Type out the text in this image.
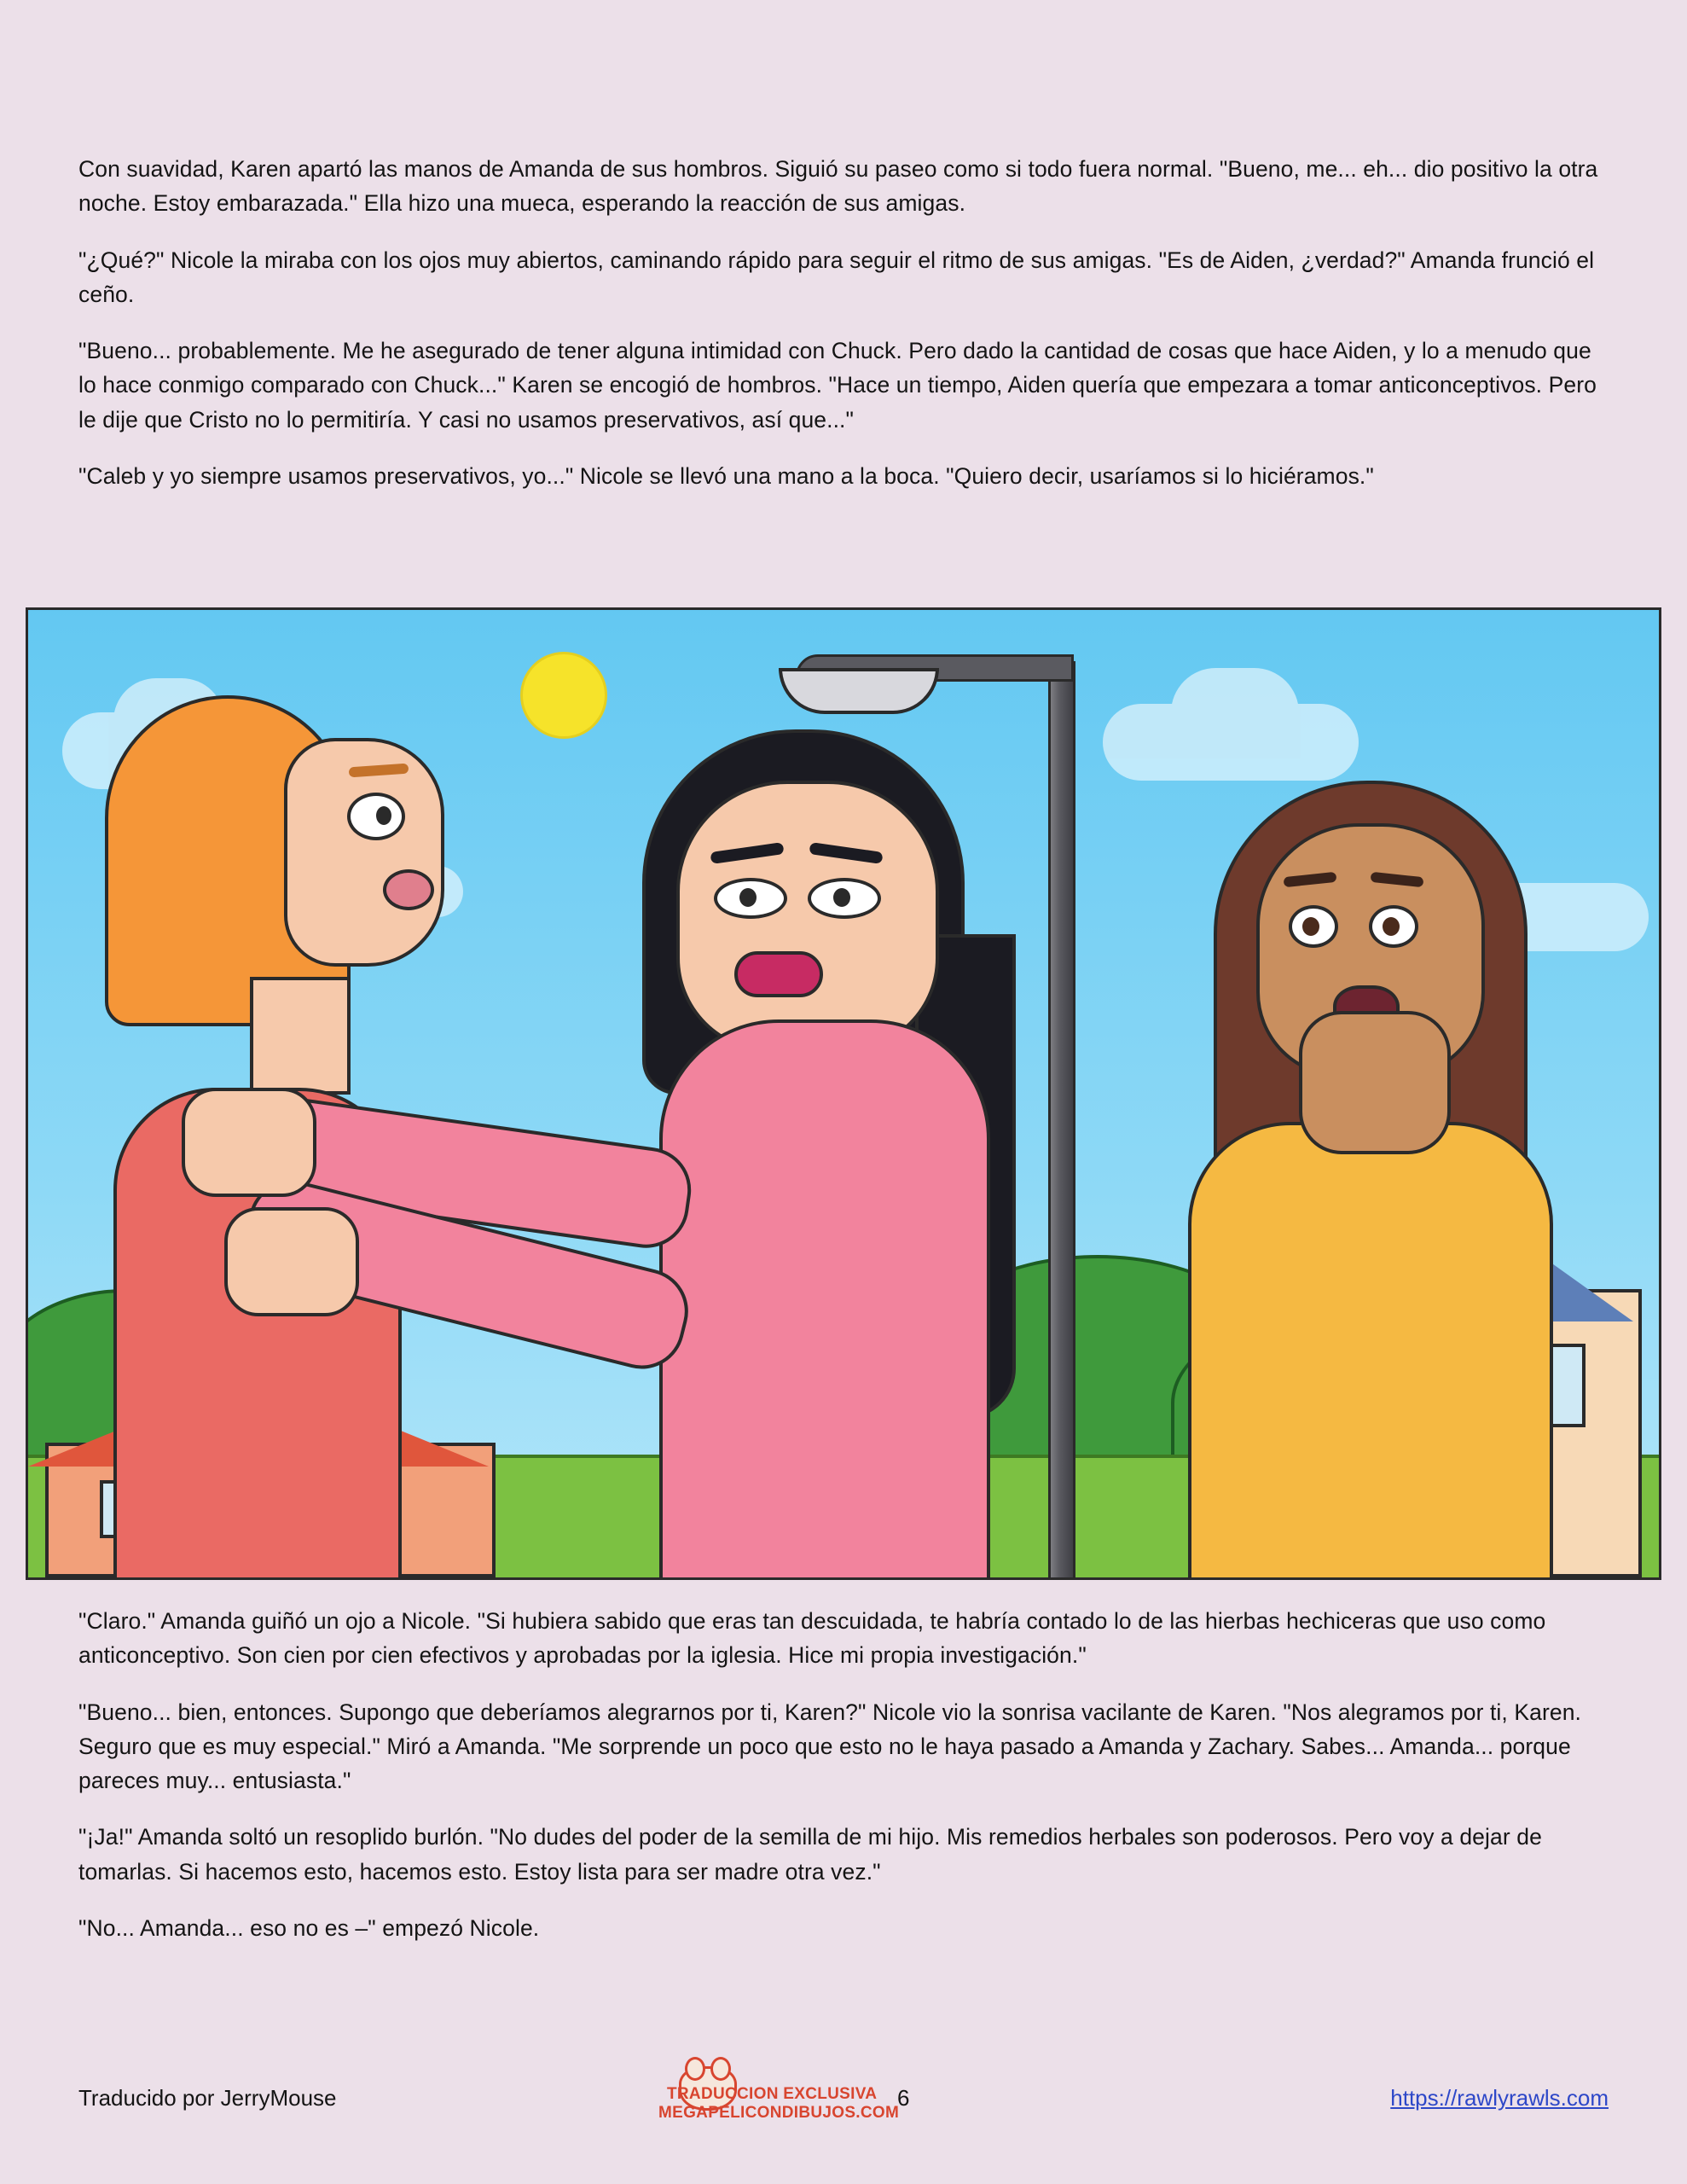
Con suavidad, Karen apartó las manos de Amanda de sus hombros. Siguió su paseo como si todo fuera normal. "Bueno, me... eh... dio positivo la otra noche. Estoy embarazada." Ella hizo una mueca, esperando la reacción de sus amigas.

"¿Qué?" Nicole la miraba con los ojos muy abiertos, caminando rápido para seguir el ritmo de sus amigas. "Es de Aiden, ¿verdad?" Amanda frunció el ceño.

"Bueno... probablemente. Me he asegurado de tener alguna intimidad con Chuck. Pero dado la cantidad de cosas que hace Aiden, y lo a menudo que lo hace conmigo comparado con Chuck..." Karen se encogió de hombros. "Hace un tiempo, Aiden quería que empezara a tomar anticonceptivos. Pero le dije que Cristo no lo permitiría. Y casi no usamos preservativos, así que..."

"Caleb y yo siempre usamos preservativos, yo..." Nicole se llevó una mano a la boca. "Quiero decir, usaríamos si lo hiciéramos."

"Claro." Amanda guiñó un ojo a Nicole. "Si hubiera sabido que eras tan descuidada, te habría contado lo de las hierbas hechiceras que uso como anticonceptivo. Son cien por cien efectivos y aprobadas por la iglesia. Hice mi propia investigación."

"Bueno... bien, entonces. Supongo que deberíamos alegrarnos por ti, Karen?" Nicole vio la sonrisa vacilante de Karen. "Nos alegramos por ti, Karen. Seguro que es muy especial." Miró a Amanda. "Me sorprende un poco que esto no le haya pasado a Amanda y Zachary. Sabes... Amanda... porque pareces muy... entusiasta."

"¡Ja!" Amanda soltó un resoplido burlón. "No dudes del poder de la semilla de mi hijo. Mis remedios herbales son poderosos. Pero voy a dejar de tomarlas. Si hacemos esto, hacemos esto. Estoy lista para ser madre otra vez."

"No... Amanda... eso no es –" empezó Nicole.

Traducido por JerryMouse	TRADUCCION EXCLUSIVA
MEGAPELICONDIBUJOS.COM
6	https://rawlyrawls.com
